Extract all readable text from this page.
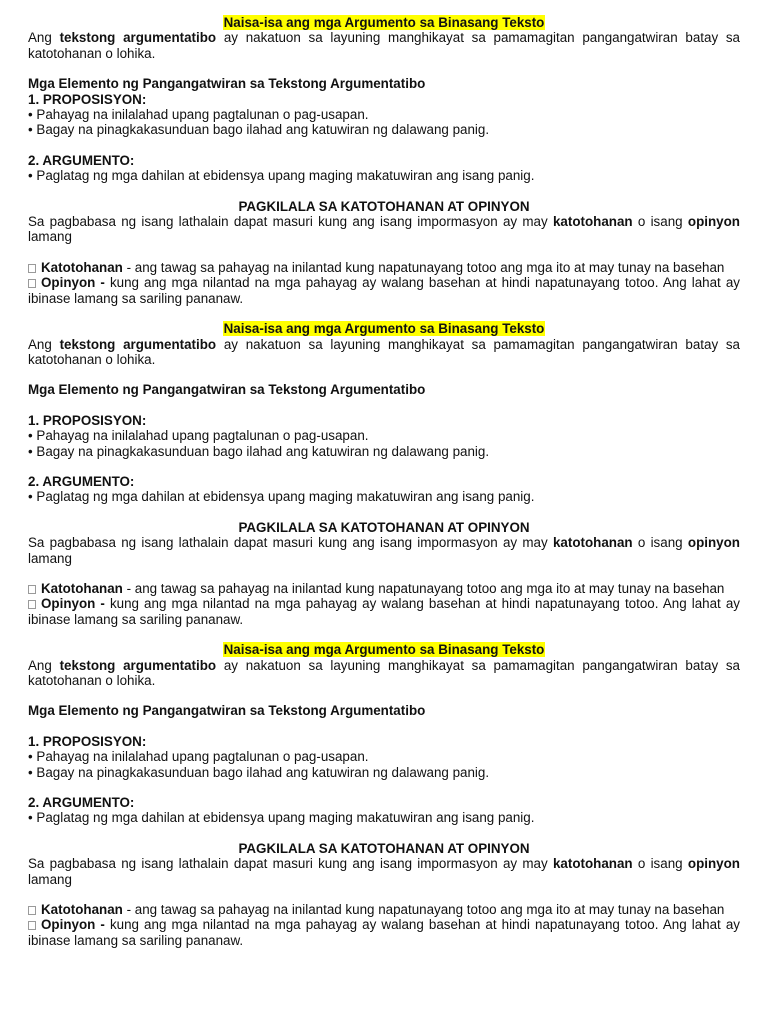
Naisa-isa ang mga Argumento sa Binasang Teksto

Ang tekstong argumentatibo ay nakatuon sa layuning manghikayat sa pamamagitan pangangatwiran batay sa katotohanan o lohika.

Mga Elemento ng Pangangatwiran sa Tekstong Argumentatibo

1. PROPOSISYON:

• Pahayag na inilalahad upang pagtalunan o pag-usapan.

• Bagay na pinagkakasunduan bago ilahad ang katuwiran ng dalawang panig.

2. ARGUMENTO:

• Paglatag ng mga dahilan at ebidensya upang maging makatuwiran ang isang panig.

PAGKILALA SA KATOTOHANAN AT OPINYON

Sa pagbabasa ng isang lathalain dapat masuri kung ang isang impormasyon ay may katotohanan o isang opinyon lamang

Katotohanan - ang tawag sa pahayag na inilantad kung napatunayang totoo ang mga ito at may tunay na basehan

Opinyon - kung ang mga nilantad na mga pahayag ay walang basehan at hindi napatunayang totoo. Ang lahat ay ibinase lamang sa sariling pananaw.

Naisa-isa ang mga Argumento sa Binasang Teksto

Ang tekstong argumentatibo ay nakatuon sa layuning manghikayat sa pamamagitan pangangatwiran batay sa katotohanan o lohika.

Mga Elemento ng Pangangatwiran sa Tekstong Argumentatibo

1. PROPOSISYON:

• Pahayag na inilalahad upang pagtalunan o pag-usapan.

• Bagay na pinagkakasunduan bago ilahad ang katuwiran ng dalawang panig.

2. ARGUMENTO:

• Paglatag ng mga dahilan at ebidensya upang maging makatuwiran ang isang panig.

PAGKILALA SA KATOTOHANAN AT OPINYON

Sa pagbabasa ng isang lathalain dapat masuri kung ang isang impormasyon ay may katotohanan o isang opinyon lamang

Katotohanan - ang tawag sa pahayag na inilantad kung napatunayang totoo ang mga ito at may tunay na basehan

Opinyon - kung ang mga nilantad na mga pahayag ay walang basehan at hindi napatunayang totoo. Ang lahat ay ibinase lamang sa sariling pananaw.

Naisa-isa ang mga Argumento sa Binasang Teksto

Ang tekstong argumentatibo ay nakatuon sa layuning manghikayat sa pamamagitan pangangatwiran batay sa katotohanan o lohika.

Mga Elemento ng Pangangatwiran sa Tekstong Argumentatibo

1. PROPOSISYON:

• Pahayag na inilalahad upang pagtalunan o pag-usapan.

• Bagay na pinagkakasunduan bago ilahad ang katuwiran ng dalawang panig.

2. ARGUMENTO:

• Paglatag ng mga dahilan at ebidensya upang maging makatuwiran ang isang panig.

PAGKILALA SA KATOTOHANAN AT OPINYON

Sa pagbabasa ng isang lathalain dapat masuri kung ang isang impormasyon ay may katotohanan o isang opinyon lamang

Katotohanan - ang tawag sa pahayag na inilantad kung napatunayang totoo ang mga ito at may tunay na basehan

Opinyon - kung ang mga nilantad na mga pahayag ay walang basehan at hindi napatunayang totoo. Ang lahat ay ibinase lamang sa sariling pananaw.
